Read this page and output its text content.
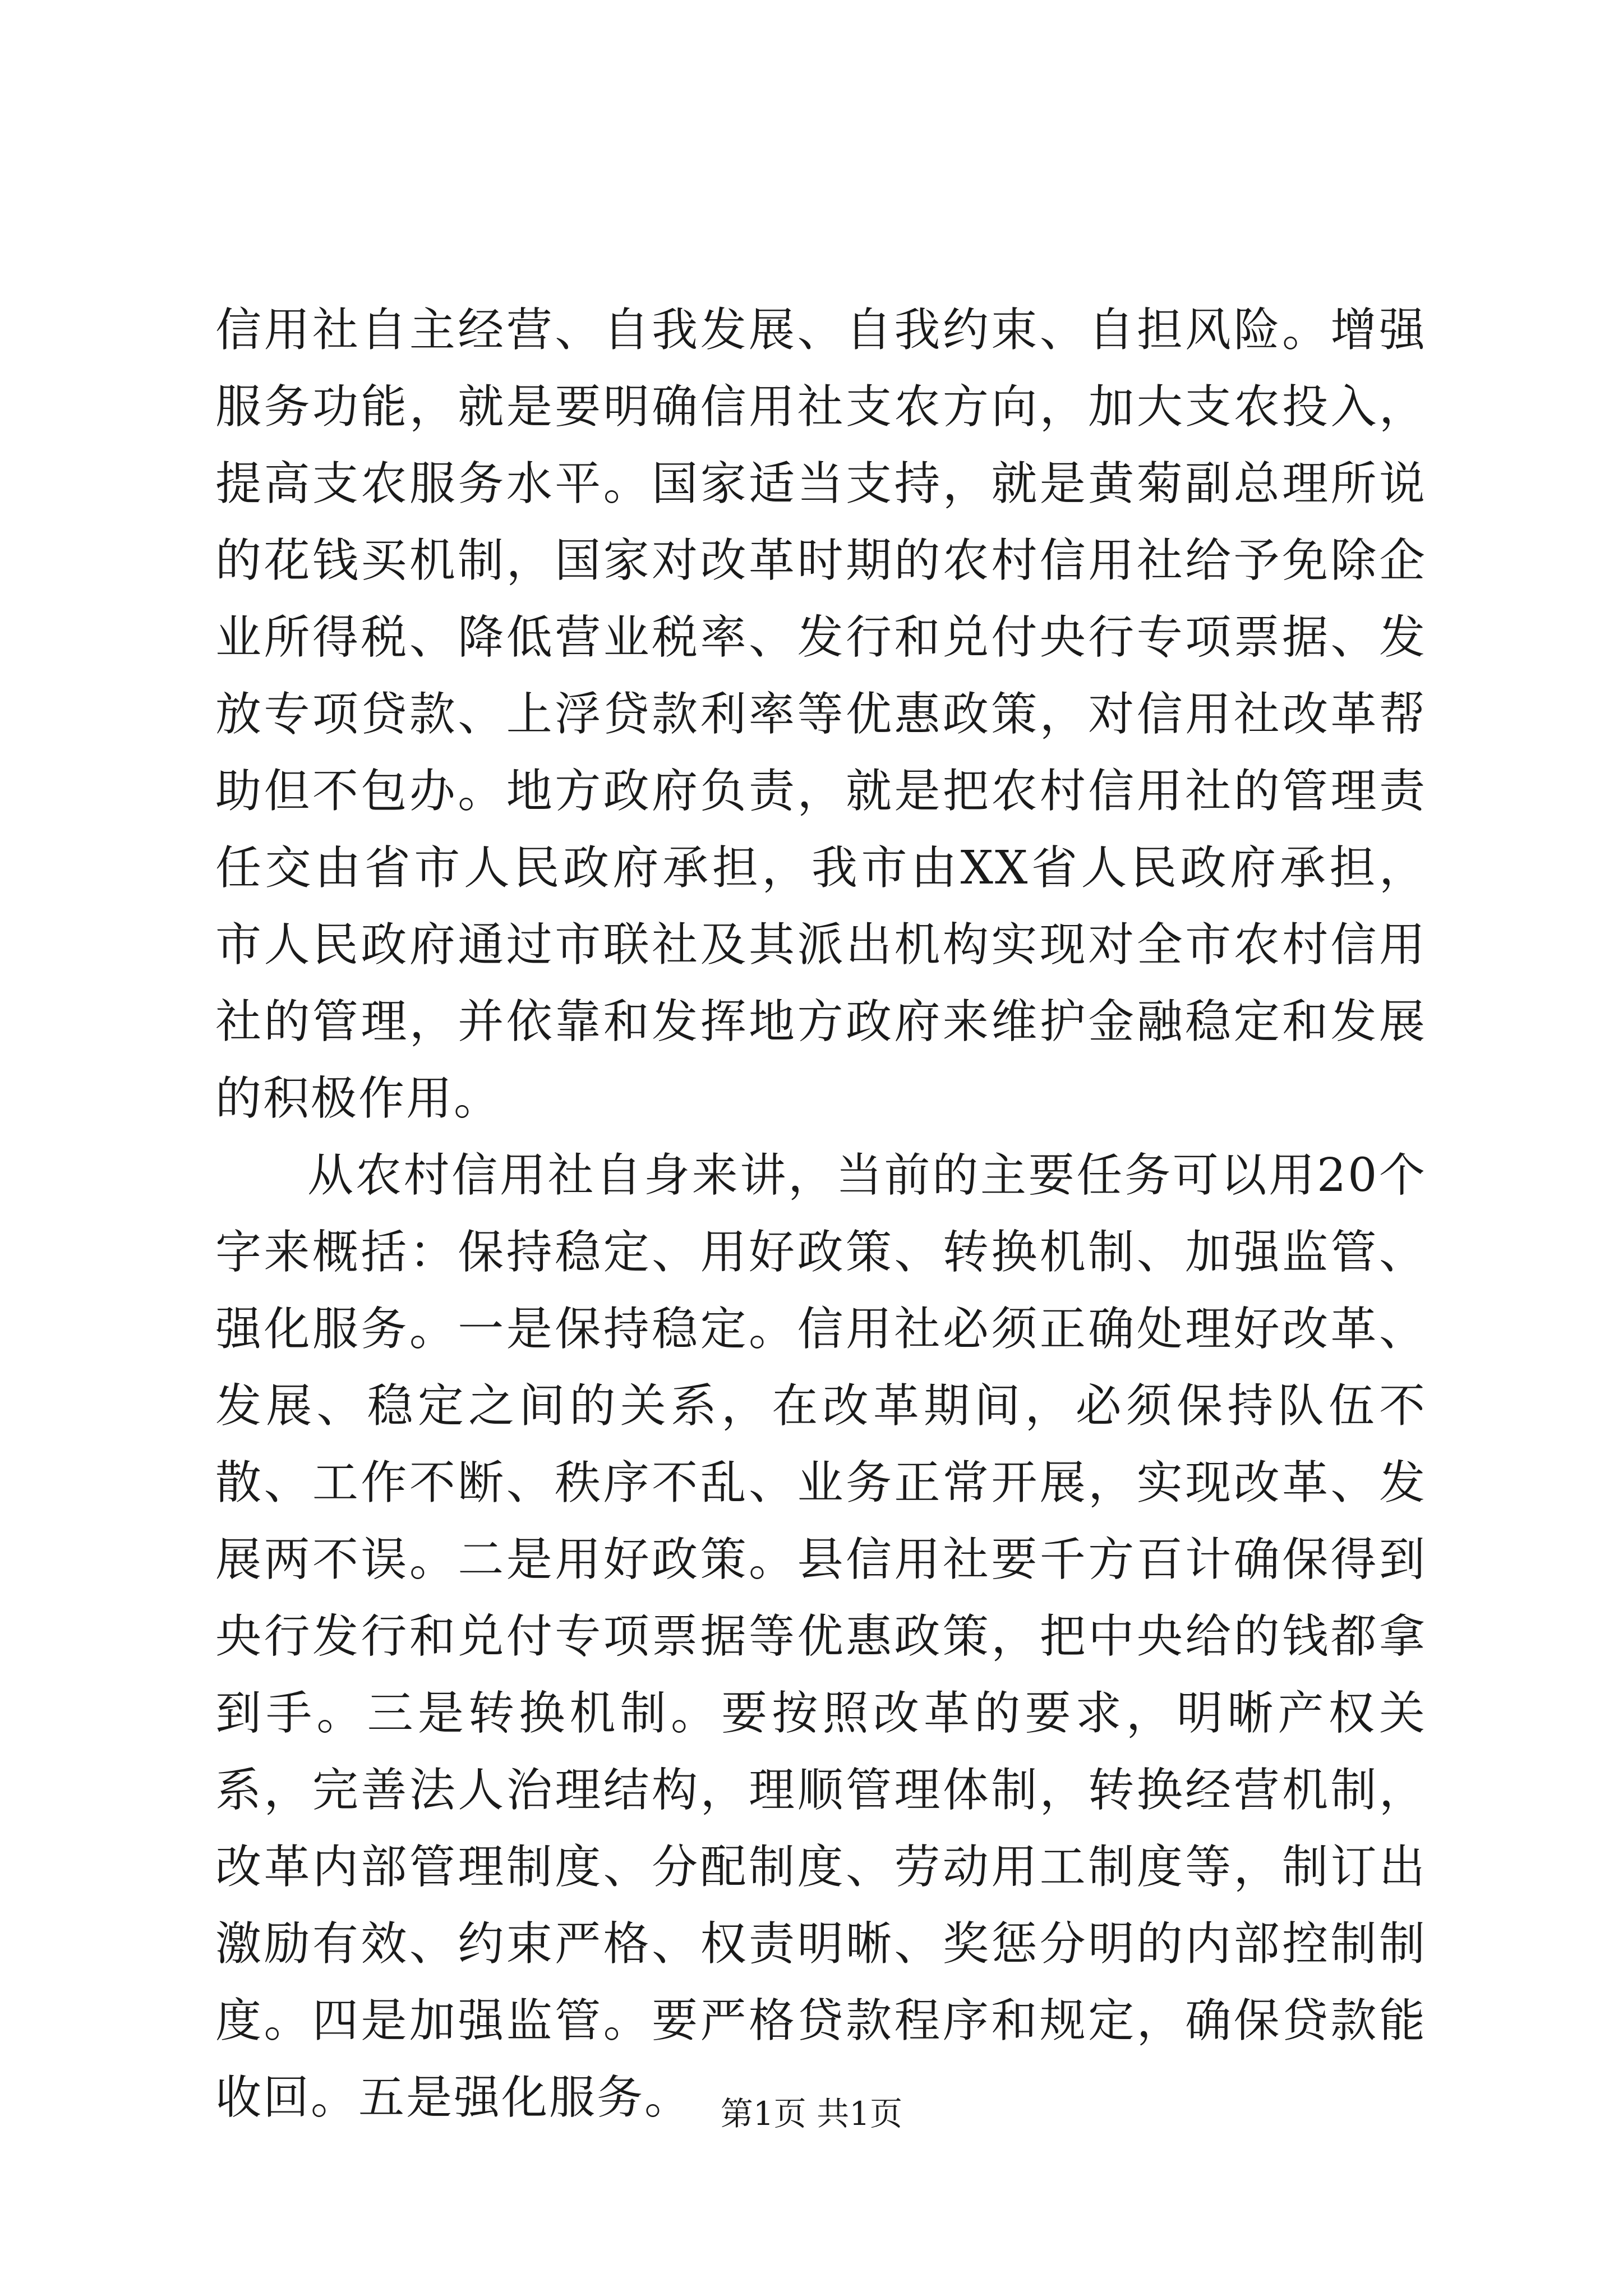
信用社自主经营、自我发展、自我约束、自担风险。增强服务功能，就是要明确信用社支农方向，加大支农投入，提高支农服务水平。国家适当支持，就是黄菊副总理所说的花钱买机制，国家对改革时期的农村信用社给予免除企业所得税、降低营业税率、发行和兑付央行专项票据、发放专项贷款、上浮贷款利率等优惠政策，对信用社改革帮助但不包办。地方政府负责，就是把农村信用社的管理责任交由省市人民政府承担，我市由XX省人民政府承担，市人民政府通过市联社及其派出机构实现对全市农村信用社的管理，并依靠和发挥地方政府来维护金融稳定和发展的积极作用。

从农村信用社自身来讲，当前的主要任务可以用20个字来概括：保持稳定、用好政策、转换机制、加强监管、强化服务。一是保持稳定。信用社必须正确处理好改革、发展、稳定之间的关系，在改革期间，必须保持队伍不散、工作不断、秩序不乱、业务正常开展，实现改革、发展两不误。二是用好政策。县信用社要千方百计确保得到央行发行和兑付专项票据等优惠政策，把中央给的钱都拿到手。三是转换机制。要按照改革的要求，明晰产权关系，完善法人治理结构，理顺管理体制，转换经营机制，改革内部管理制度、分配制度、劳动用工制度等，制订出激励有效、约束严格、权责明晰、奖惩分明的内部控制制度。四是加强监管。要严格贷款程序和规定，确保贷款能收回。五是强化服务。 第1页 共1页
